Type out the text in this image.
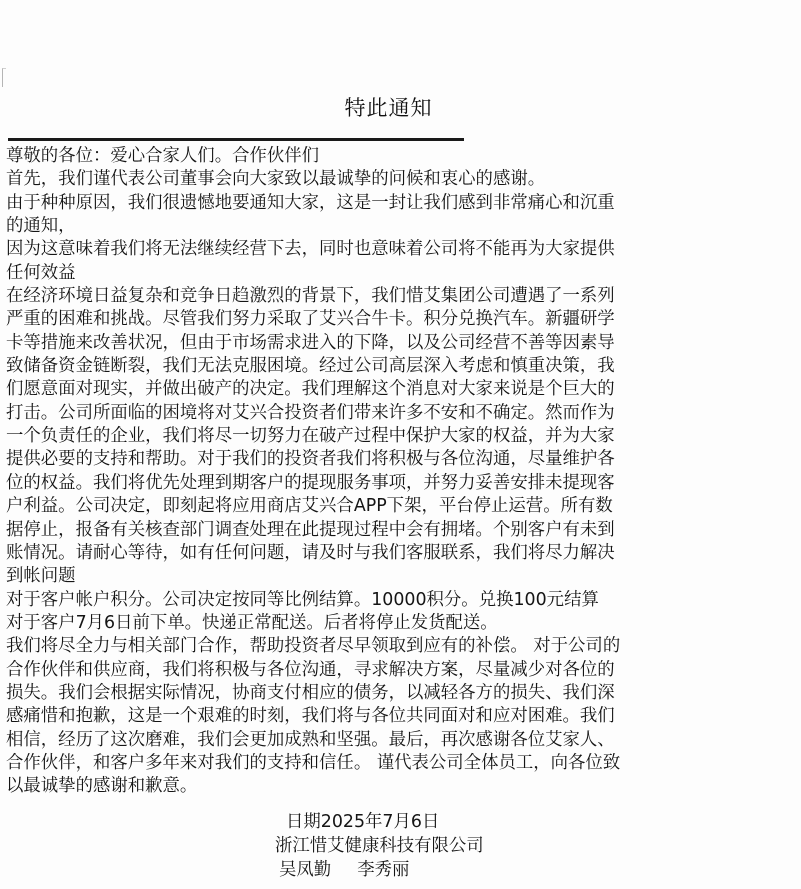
特此通知
尊敬的各位：爱心合家人们。合作伙伴们
首先，我们谨代表公司董事会向大家致以最诚挚的问候和衷心的感谢。
由于种种原因，我们很遗憾地要通知大家，这是一封让我们感到非常痛心和沉重
的通知，
因为这意味着我们将无法继续经营下去，同时也意味着公司将不能再为大家提供
任何效益
在经济环境日益复杂和竞争日趋激烈的背景下，我们惜艾集团公司遭遇了一系列
严重的困难和挑战。尽管我们努力采取了艾兴合牛卡。积分兑换汽车。新疆研学
卡等措施来改善状况，但由于市场需求进入的下降，以及公司经营不善等因素导
致储备资金链断裂，我们无法克服困境。经过公司高层深入考虑和慎重决策，我
们愿意面对现实，并做出破产的决定。我们理解这个消息对大家来说是个巨大的
打击。公司所面临的困境将对艾兴合投资者们带来许多不安和不确定。然而作为
一个负责任的企业，我们将尽一切努力在破产过程中保护大家的权益，并为大家
提供必要的支持和帮助。对于我们的投资者我们将积极与各位沟通，尽量维护各
位的权益。我们将优先处理到期客户的提现服务事项，并努力妥善安排未提现客
户利益。公司决定，即刻起将应用商店艾兴合APP下架，平台停止运营。所有数
据停止，报备有关核查部门调查处理在此提现过程中会有拥堵。个别客户有未到
账情况。请耐心等待，如有任何问题，请及时与我们客服联系，我们将尽力解决
到帐问题
对于客户帐户积分。公司决定按同等比例结算。10000积分。兑换100元结算
对于客户7月6日前下单。快递正常配送。后者将停止发货配送。
我们将尽全力与相关部门合作，帮助投资者尽早领取到应有的补偿。 对于公司的
合作伙伴和供应商，我们将积极与各位沟通，寻求解决方案，尽量减少对各位的
损失。我们会根据实际情况，协商支付相应的债务，以减轻各方的损失、我们深
感痛惜和抱歉，这是一个艰难的时刻，我们将与各位共同面对和应对困难。我们
相信，经历了这次磨难，我们会更加成熟和坚强。最后，再次感谢各位艾家人、
合作伙伴，和客户多年来对我们的支持和信任。 谨代表公司全体员工，向各位致
以最诚挚的感谢和歉意。
日期2025年7月6日
浙江惜艾健康科技有限公司
吴凤勤 李秀丽
